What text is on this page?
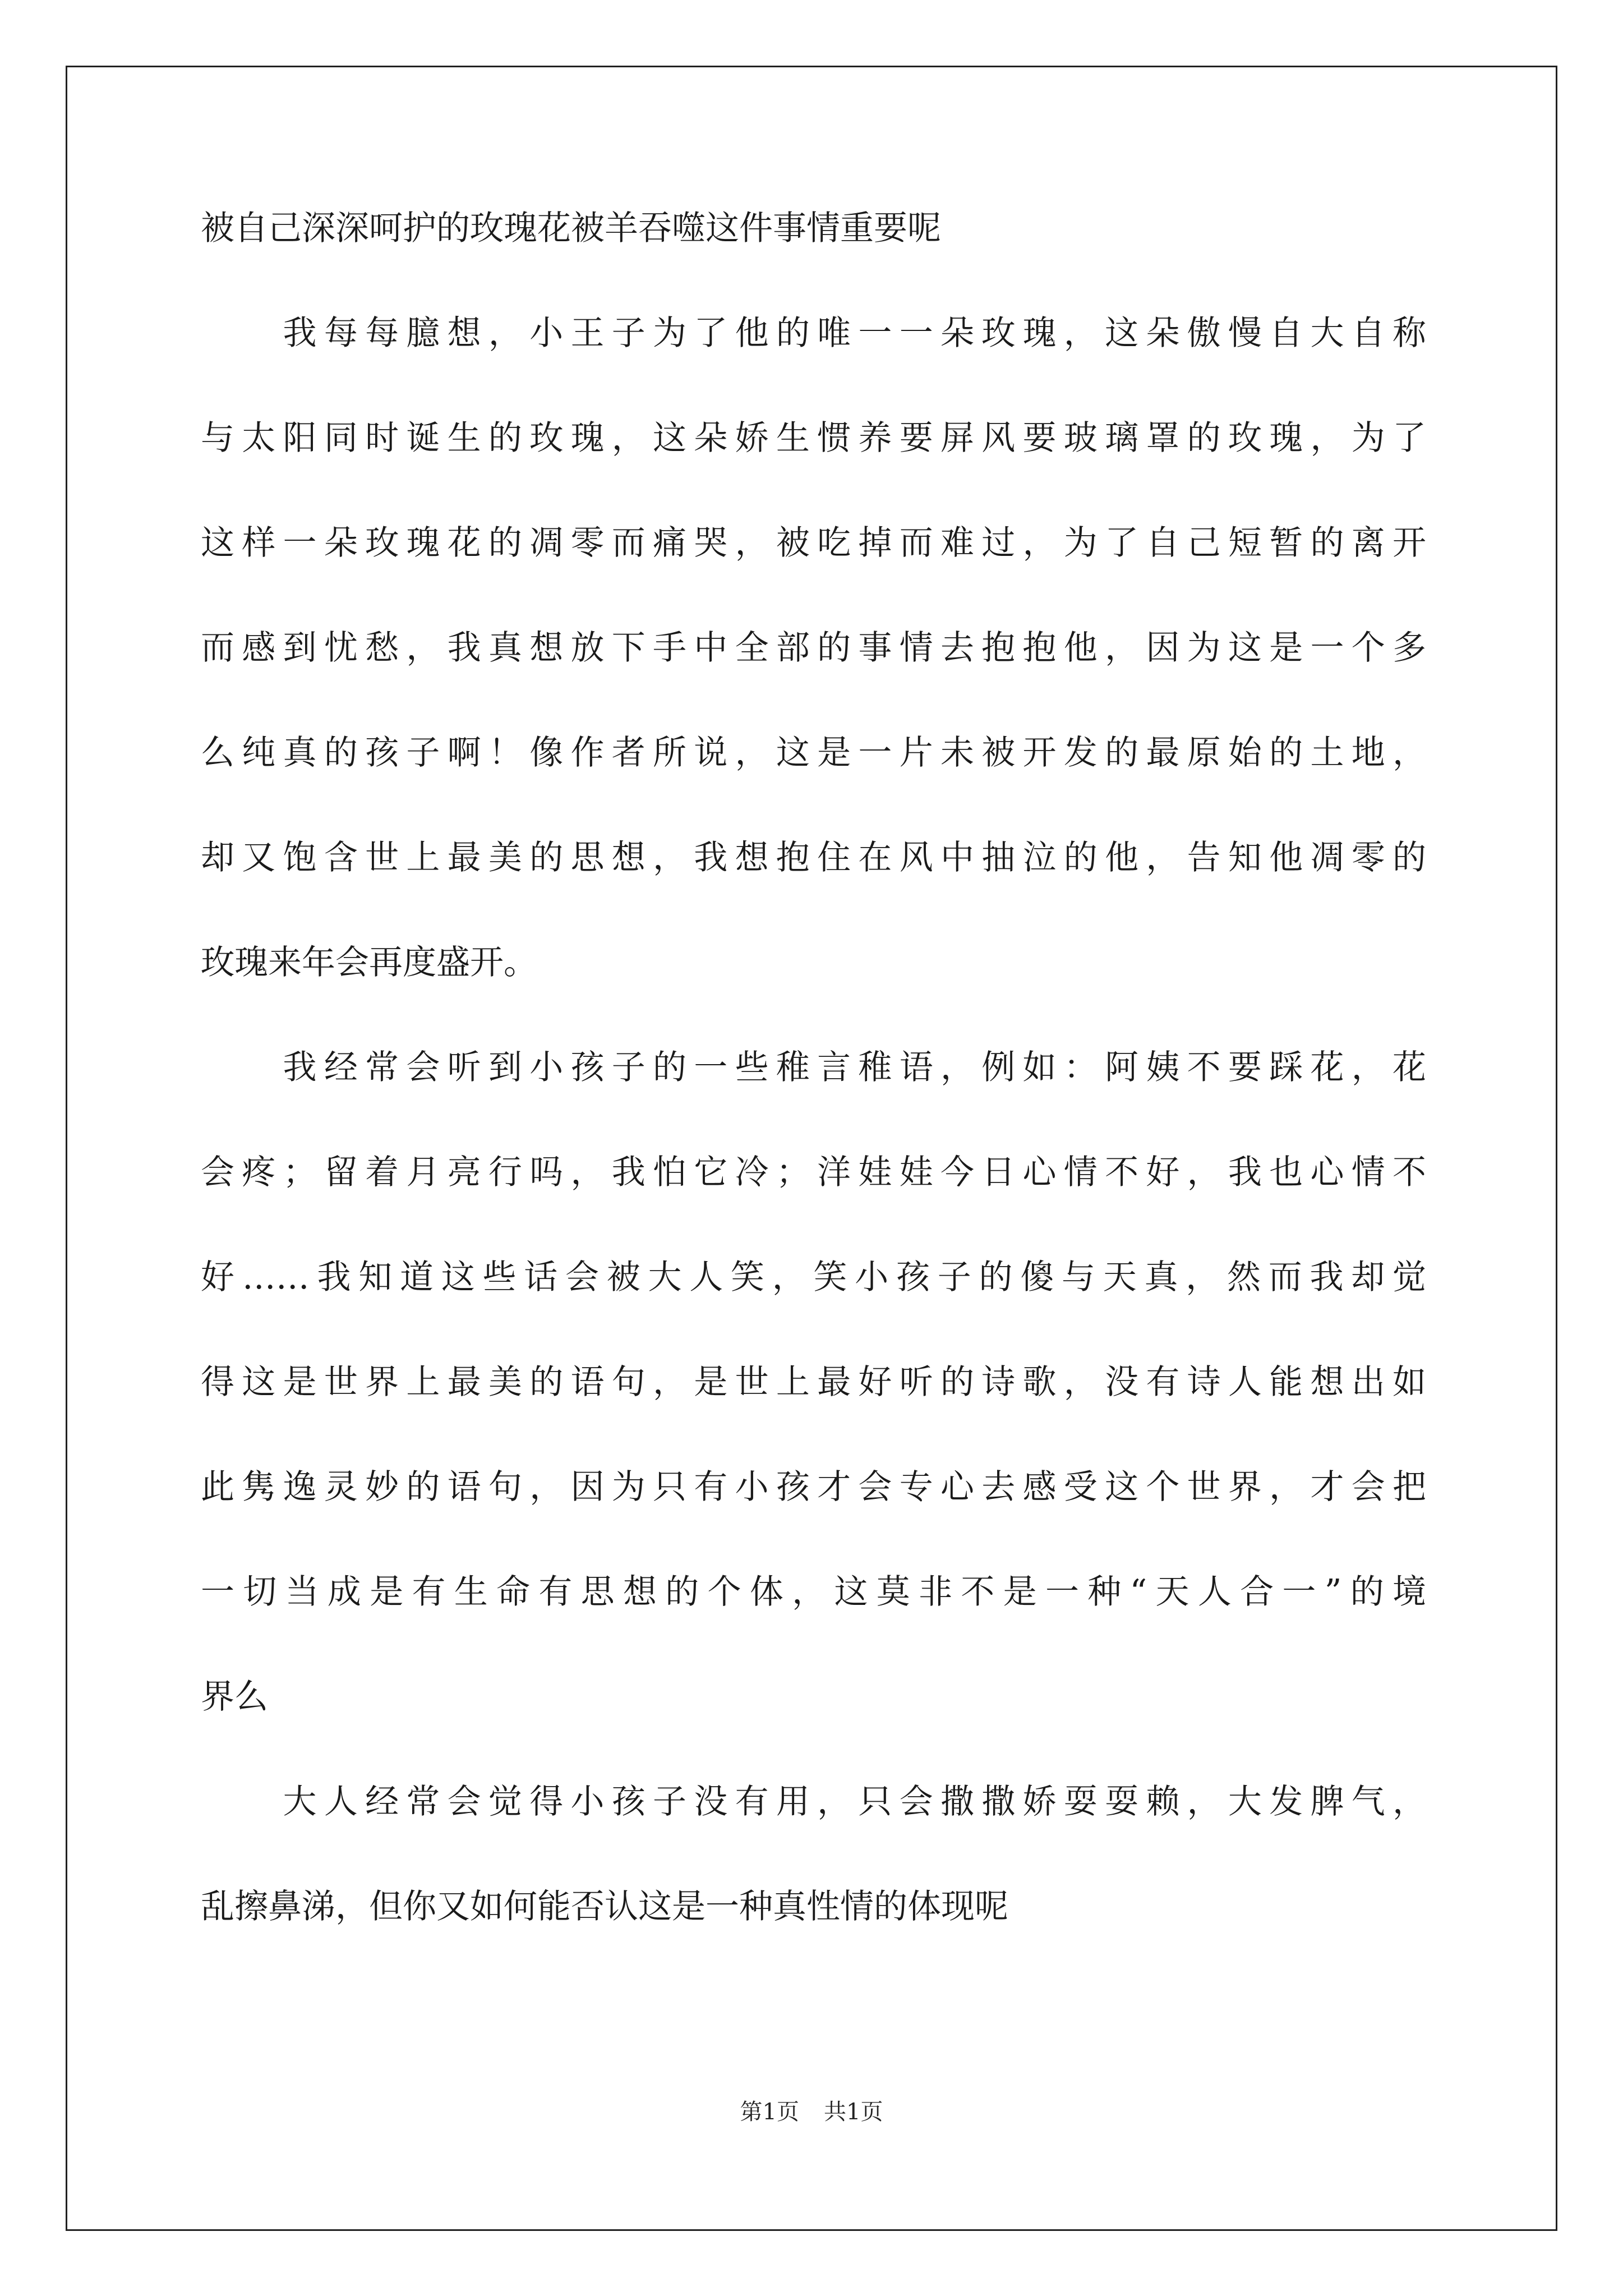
被自己深深呵护的玫瑰花被羊吞噬这件事情重要呢
　　我每每臆想，小王子为了他的唯一一朵玫瑰，这朵傲慢自大自称
与太阳同时诞生的玫瑰，这朵娇生惯养要屏风要玻璃罩的玫瑰，为了
这样一朵玫瑰花的凋零而痛哭，被吃掉而难过，为了自己短暂的离开
而感到忧愁，我真想放下手中全部的事情去抱抱他，因为这是一个多
么纯真的孩子啊！像作者所说，这是一片未被开发的最原始的土地，
却又饱含世上最美的思想，我想抱住在风中抽泣的他，告知他凋零的
玫瑰来年会再度盛开。
　　我经常会听到小孩子的一些稚言稚语，例如：阿姨不要踩花，花
会疼；留着月亮行吗，我怕它冷；洋娃娃今日心情不好，我也心情不
好……我知道这些话会被大人笑，笑小孩子的傻与天真，然而我却觉
得这是世界上最美的语句，是世上最好听的诗歌，没有诗人能想出如
此隽逸灵妙的语句，因为只有小孩才会专心去感受这个世界，才会把
一切当成是有生命有思想的个体，这莫非不是一种“天人合一”的境
界么
　　大人经常会觉得小孩子没有用，只会撒撒娇耍耍赖，大发脾气，
乱擦鼻涕，但你又如何能否认这是一种真性情的体现呢
第1页 共1页
